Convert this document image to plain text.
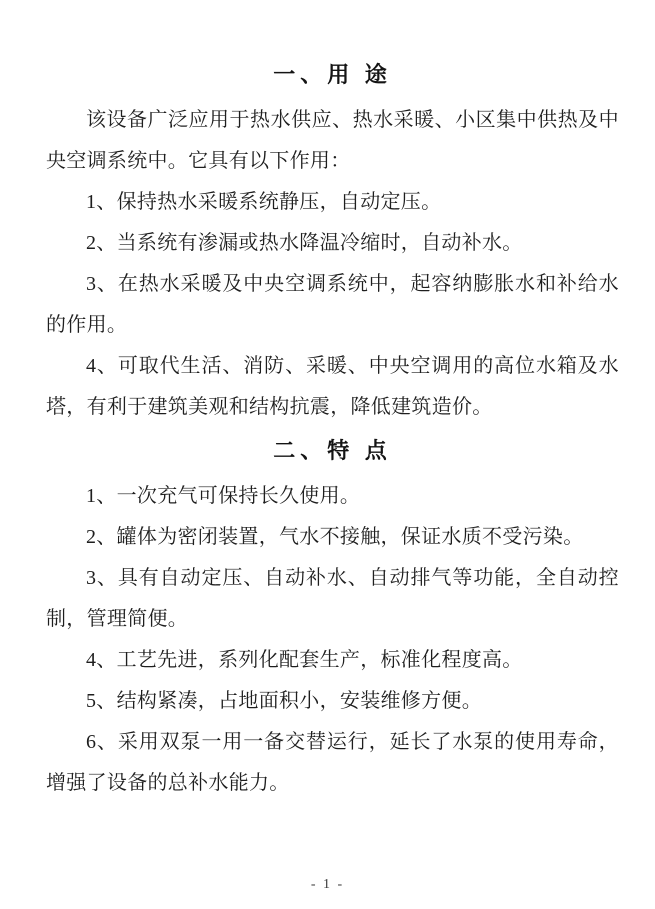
一、用 途

该设备广泛应用于热水供应、热水采暖、小区集中供热及中央空调系统中。它具有以下作用：

1、保持热水采暖系统静压，自动定压。

2、当系统有渗漏或热水降温冷缩时，自动补水。

3、在热水采暖及中央空调系统中，起容纳膨胀水和补给水的作用。

4、可取代生活、消防、采暖、中央空调用的高位水箱及水塔，有利于建筑美观和结构抗震，降低建筑造价。

二、特 点

1、一次充气可保持长久使用。

2、罐体为密闭装置，气水不接触，保证水质不受污染。

3、具有自动定压、自动补水、自动排气等功能，全自动控制，管理简便。

4、工艺先进，系列化配套生产，标准化程度高。

5、结构紧凑，占地面积小，安装维修方便。

6、采用双泵一用一备交替运行，延长了水泵的使用寿命，增强了设备的总补水能力。

- 1 -
